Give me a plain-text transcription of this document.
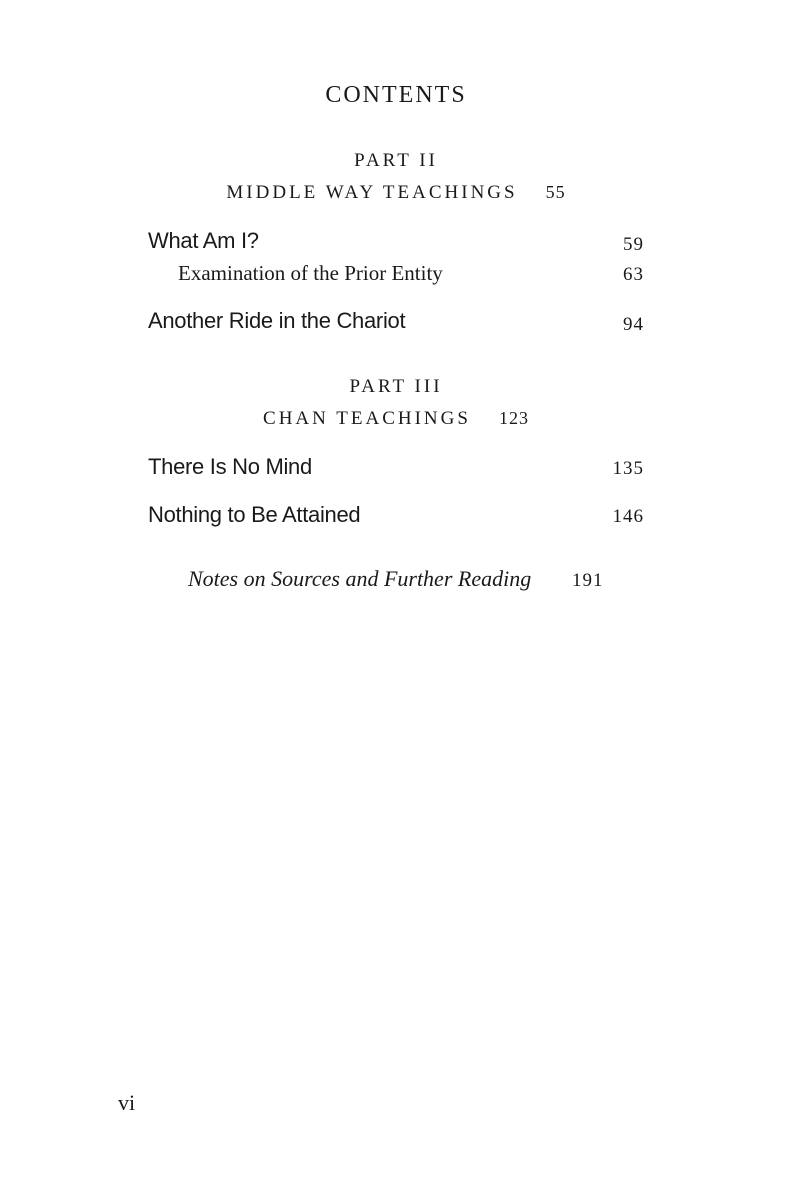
CONTENTS
PART II
MIDDLE WAY TEACHINGS 55
What Am I?	59
Examination of the Prior Entity	63
Another Ride in the Chariot	94
PART III
CHAN TEACHINGS 123
There Is No Mind	135
Nothing to Be Attained	146
Notes on Sources and Further Reading 191
vi
